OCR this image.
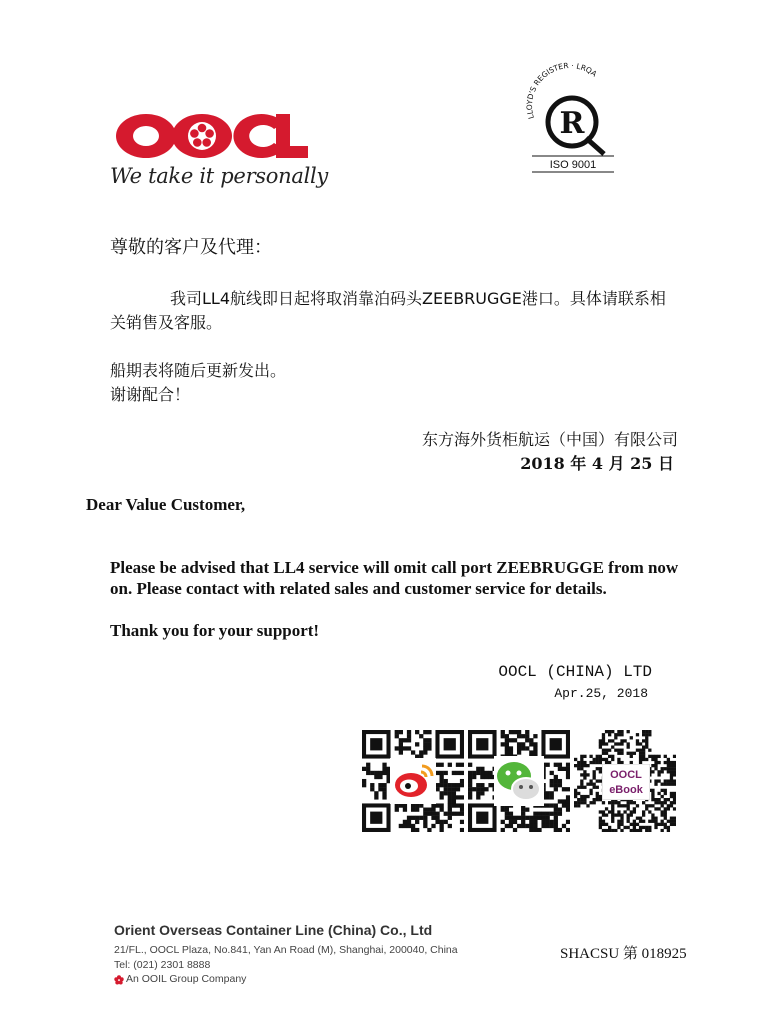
We take it personally
LLOYD'S REGISTER · LRQA
R
ISO 9001
尊敬的客户及代理：
我司LL4航线即日起将取消靠泊码头ZEEBRUGGE港口。具体请联系相关销售及客服。
船期表将随后更新发出。
谢谢配合！
东方海外货柜航运（中国）有限公司
2018 年 4 月 25 日
Dear Value Customer,
Please be advised that LL4 service will omit call port ZEEBRUGGE from now on. Please contact with related sales and customer service for details.
Thank you for your support!
OOCL (CHINA) LTD
Apr.25, 2018
OOCL
eBook
Orient Overseas Container Line (China) Co., Ltd
21/FL., OOCL Plaza, No.841, Yan An Road (M), Shanghai, 200040, China
Tel: (021) 2301 8888
An OOIL Group Company
SHACSU 第 018925
